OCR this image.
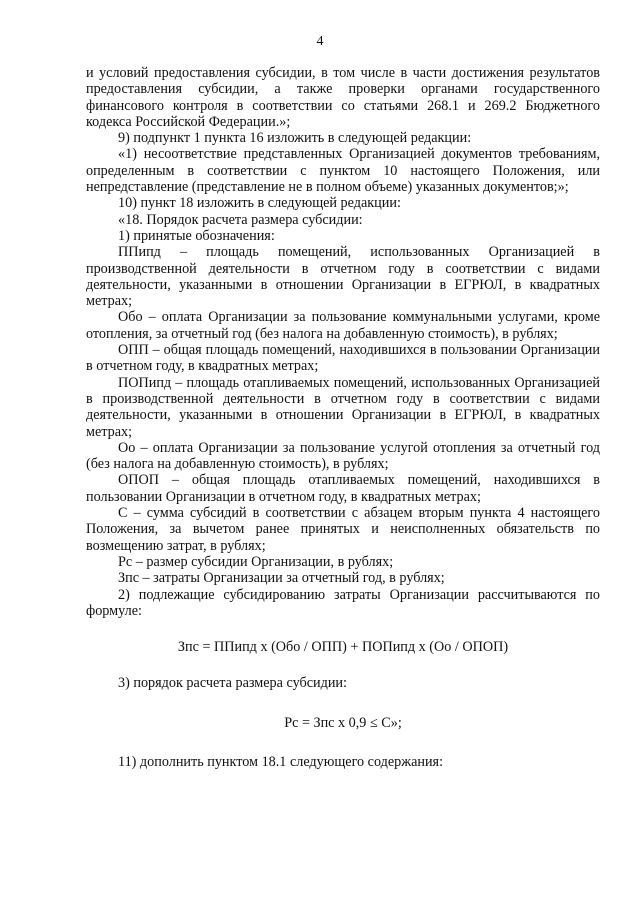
4

и условий предоставления субсидии, в том числе в части достижения результатов предоставления субсидии, а также проверки органами государственного финансового контроля в соответствии со статьями 268.1 и 269.2 Бюджетного кодекса Российской Федерации.»;

9) подпункт 1 пункта 16 изложить в следующей редакции:

«1) несоответствие представленных Организацией документов требованиям, определенным в соответствии с пунктом 10 настоящего Положения, или непредставление (представление не в полном объеме) указанных документов;»;

10) пункт 18 изложить в следующей редакции:

«18. Порядок расчета размера субсидии:

1) принятые обозначения:

ППипд – площадь помещений, использованных Организацией в производственной деятельности в отчетном году в соответствии с видами деятельности, указанными в отношении Организации в ЕГРЮЛ, в квадратных метрах;

Обо – оплата Организации за пользование коммунальными услугами, кроме отопления, за отчетный год (без налога на добавленную стоимость), в рублях;

ОПП – общая площадь помещений, находившихся в пользовании Организации в отчетном году, в квадратных метрах;

ПОПипд – площадь отапливаемых помещений, использованных Организацией в производственной деятельности в отчетном году в соответствии с видами деятельности, указанными в отношении Организации в ЕГРЮЛ, в квадратных метрах;

Оо – оплата Организации за пользование услугой отопления за отчетный год (без налога на добавленную стоимость), в рублях;

ОПОП – общая площадь отапливаемых помещений, находившихся в пользовании Организации в отчетном году, в квадратных метрах;

С – сумма субсидий в соответствии с абзацем вторым пункта 4 настоящего Положения, за вычетом ранее принятых и неисполненных обязательств по возмещению затрат, в рублях;

Рс – размер субсидии Организации, в рублях;

Зпс – затраты Организации за отчетный год, в рублях;

2) подлежащие субсидированию затраты Организации рассчитываются по формуле:

Зпс = ППипд х (Обо / ОПП) + ПОПипд х (Оо / ОПОП)

3) порядок расчета размера субсидии:

Рс = Зпс х 0,9 ≤ С»;

11) дополнить пунктом 18.1 следующего содержания:
